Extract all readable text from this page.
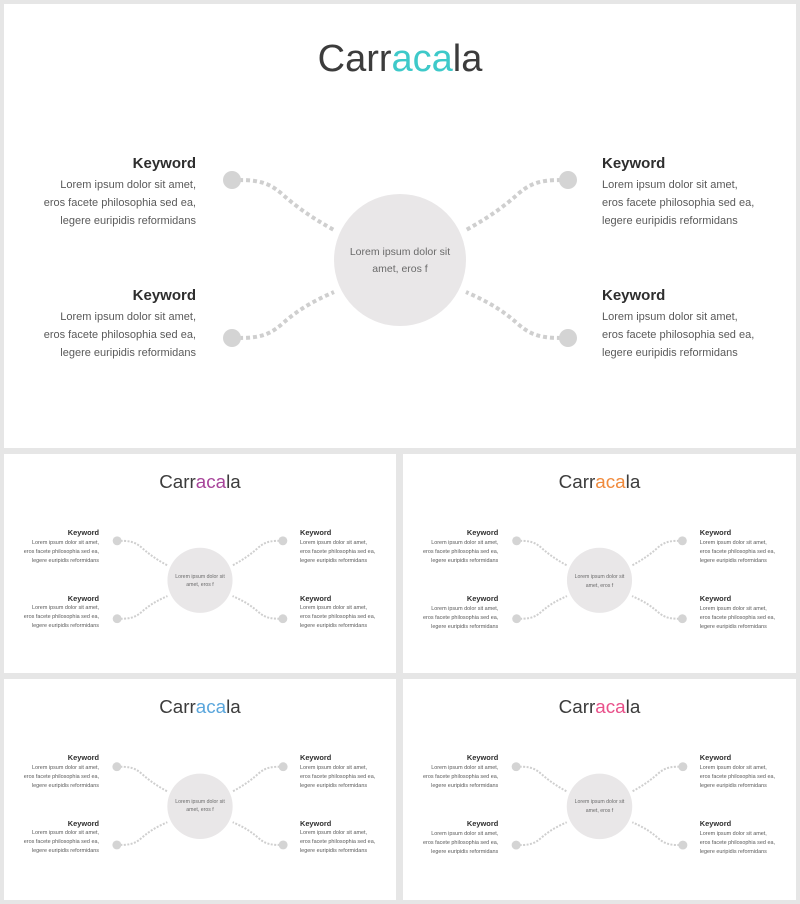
Carracala
Lorem ipsum dolor sit
amet, eros f
Keyword
Lorem ipsum dolor sit amet,
eros facete philosophia sed ea,
legere euripidis reformidans
Keyword
Lorem ipsum dolor sit amet,
eros facete philosophia sed ea,
legere euripidis reformidans
Keyword
Lorem ipsum dolor sit amet,
eros facete philosophia sed ea,
legere euripidis reformidans
Keyword
Lorem ipsum dolor sit amet,
eros facete philosophia sed ea,
legere euripidis reformidans
Carracala
Lorem ipsum dolor sit
amet, eros f
Keyword
Lorem ipsum dolor sit amet,
eros facete philosophia sed ea,
legere euripidis reformidans
Keyword
Lorem ipsum dolor sit amet,
eros facete philosophia sed ea,
legere euripidis reformidans
Keyword
Lorem ipsum dolor sit amet,
eros facete philosophia sed ea,
legere euripidis reformidans
Keyword
Lorem ipsum dolor sit amet,
eros facete philosophia sed ea,
legere euripidis reformidans
Carracala
Lorem ipsum dolor sit
amet, eros f
Keyword
Lorem ipsum dolor sit amet,
eros facete philosophia sed ea,
legere euripidis reformidans
Keyword
Lorem ipsum dolor sit amet,
eros facete philosophia sed ea,
legere euripidis reformidans
Keyword
Lorem ipsum dolor sit amet,
eros facete philosophia sed ea,
legere euripidis reformidans
Keyword
Lorem ipsum dolor sit amet,
eros facete philosophia sed ea,
legere euripidis reformidans
Carracala
Lorem ipsum dolor sit
amet, eros f
Keyword
Lorem ipsum dolor sit amet,
eros facete philosophia sed ea,
legere euripidis reformidans
Keyword
Lorem ipsum dolor sit amet,
eros facete philosophia sed ea,
legere euripidis reformidans
Keyword
Lorem ipsum dolor sit amet,
eros facete philosophia sed ea,
legere euripidis reformidans
Keyword
Lorem ipsum dolor sit amet,
eros facete philosophia sed ea,
legere euripidis reformidans
Carracala
Lorem ipsum dolor sit
amet, eros f
Keyword
Lorem ipsum dolor sit amet,
eros facete philosophia sed ea,
legere euripidis reformidans
Keyword
Lorem ipsum dolor sit amet,
eros facete philosophia sed ea,
legere euripidis reformidans
Keyword
Lorem ipsum dolor sit amet,
eros facete philosophia sed ea,
legere euripidis reformidans
Keyword
Lorem ipsum dolor sit amet,
eros facete philosophia sed ea,
legere euripidis reformidans
